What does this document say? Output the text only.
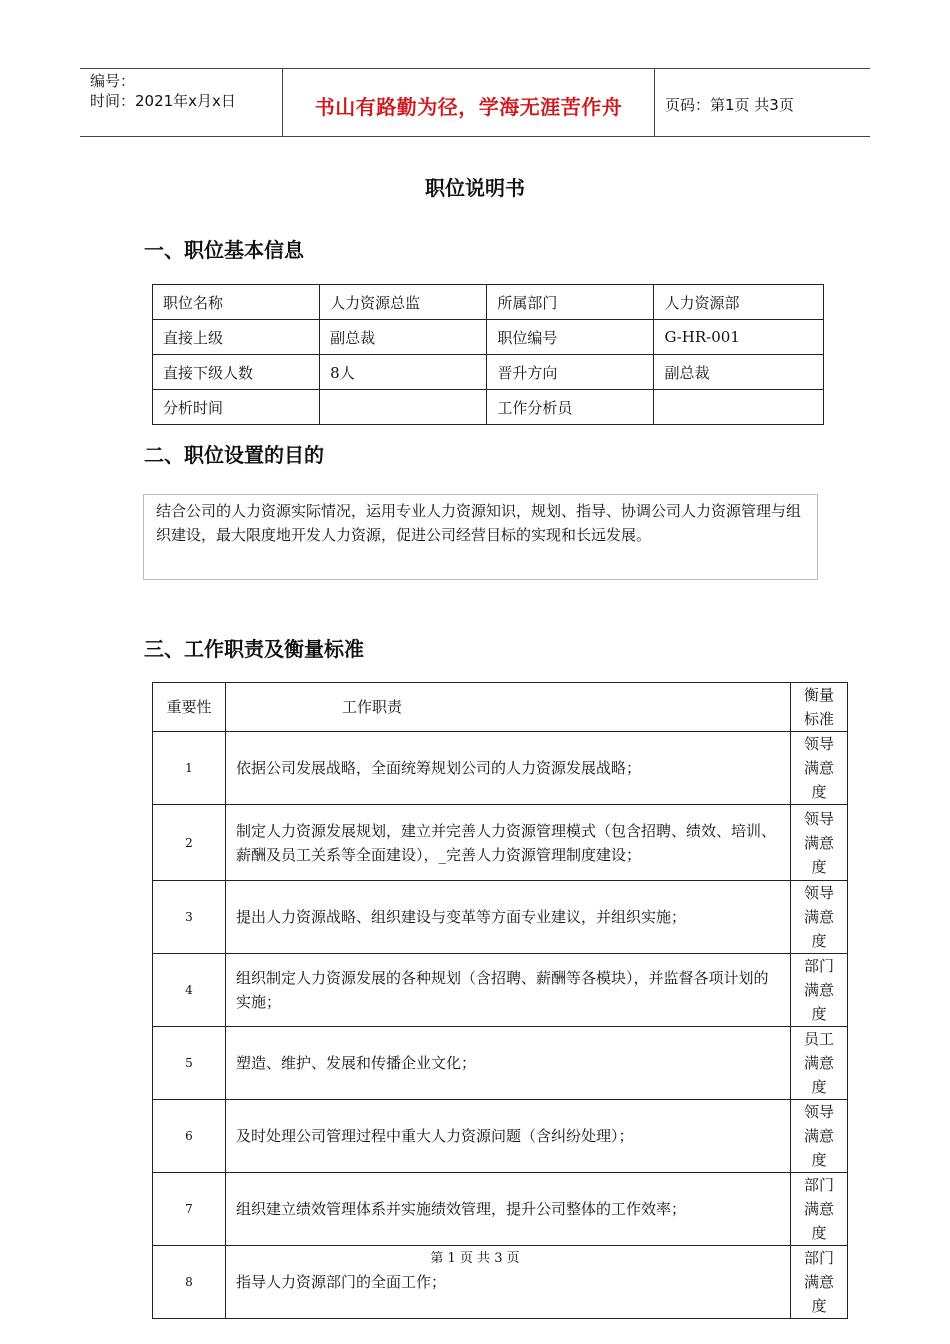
编号：
时间：2021年x月x日	书山有路勤为径，学海无涯苦作舟	页码：第1页 共3页
职位说明书
一、职位基本信息
职位名称	人力资源总监	所属部门	人力资源部
直接上级	副总裁	职位编号	G-HR-001
直接下级人数	8人	晋升方向	副总裁
分析时间		工作分析员	
二、职位设置的目的
结合公司的人力资源实际情况，运用专业人力资源知识，规划、指导、协调公司人力资源管理与组织建设，最大限度地开发人力资源，促进公司经营目标的实现和长远发展。
三、工作职责及衡量标准
重要性	工作职责	衡量标准
1	依据公司发展战略，全面统筹规划公司的人力资源发展战略；	领导满意度
2	制定人力资源发展规划，建立并完善人力资源管理模式（包含招聘、绩效、培训、薪酬及员工关系等全面建设），_完善人力资源管理制度建设；	领导满意度
3	提出人力资源战略、组织建设与变革等方面专业建议，并组织实施；	领导满意度
4	组织制定人力资源发展的各种规划（含招聘、薪酬等各模块），并监督各项计划的实施；	部门满意度
5	塑造、维护、发展和传播企业文化；	员工满意度
6	及时处理公司管理过程中重大人力资源问题（含纠纷处理）；	领导满意度
7	组织建立绩效管理体系并实施绩效管理，提升公司整体的工作效率；	部门满意度
8	指导人力资源部门的全面工作；	部门满意度
第 1 页 共 3 页
